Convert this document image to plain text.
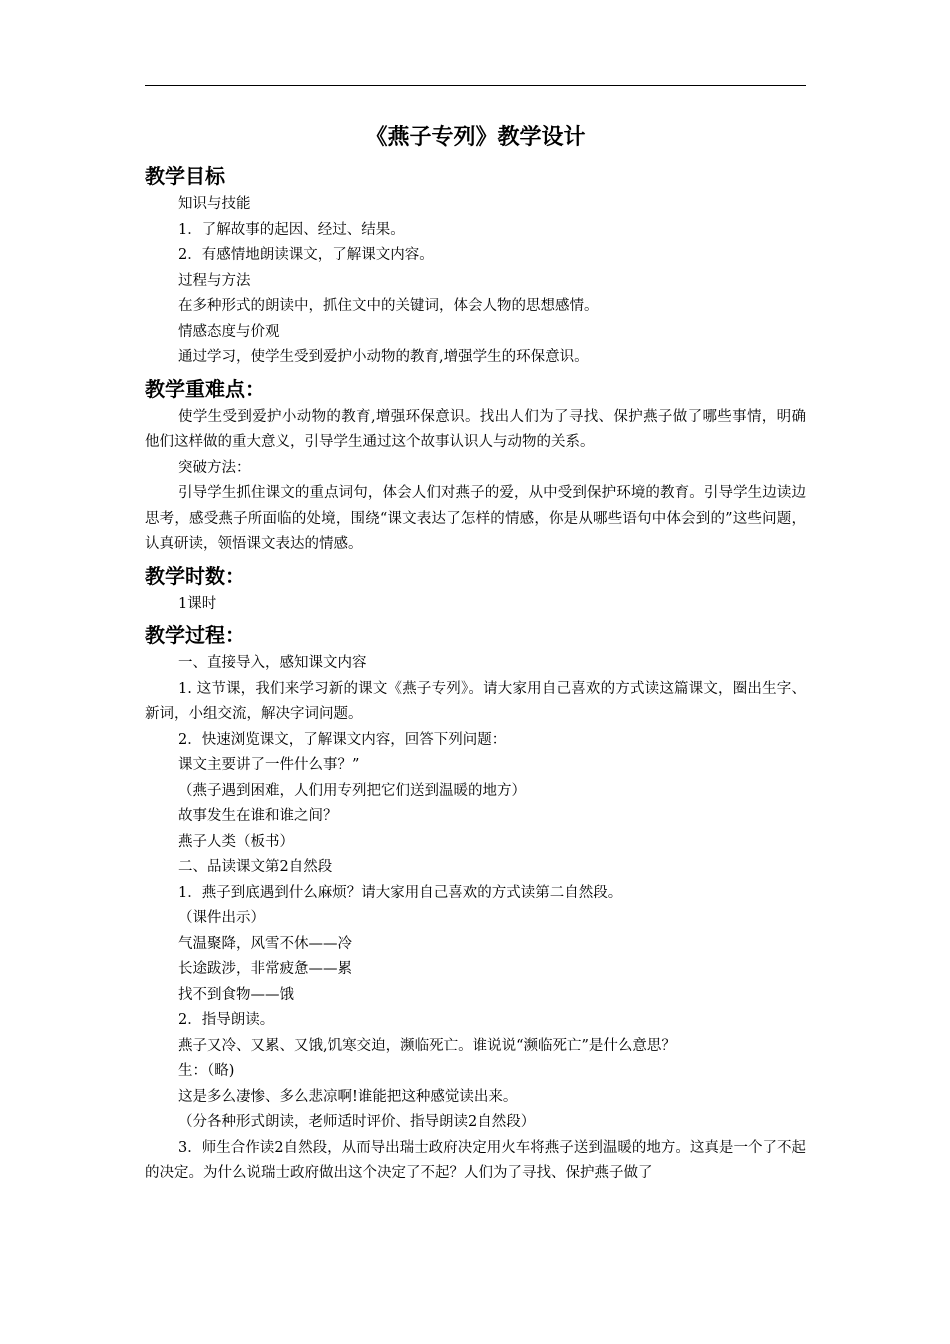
《燕子专列》教学设计
教学目标
知识与技能
1．了解故事的起因、经过、结果。
2．有感情地朗读课文，了解课文内容。
过程与方法
在多种形式的朗读中，抓住文中的关键词，体会人物的思想感情。
情感态度与价观
通过学习，使学生受到爱护小动物的教育,增强学生的环保意识。
教学重难点：
使学生受到爱护小动物的教育,增强环保意识。找出人们为了寻找、保护燕子做了哪些事情，明确他们这样做的重大意义，引导学生通过这个故事认识人与动物的关系。
突破方法：
引导学生抓住课文的重点词句，体会人们对燕子的爱，从中受到保护环境的教育。引导学生边读边思考，感受燕子所面临的处境，围绕“课文表达了怎样的情感，你是从哪些语句中体会到的”这些问题，认真研读，领悟课文表达的情感。
教学时数：
1课时
教学过程：
一、直接导入，感知课文内容
1. 这节课，我们来学习新的课文《燕子专列》。请大家用自己喜欢的方式读这篇课文，圈出生字、新词，小组交流，解决字词问题。
2．快速浏览课文，了解课文内容，回答下列问题：
课文主要讲了一件什么事？”
（燕子遇到困难，人们用专列把它们送到温暖的地方）
故事发生在谁和谁之间？
燕子人类（板书）
二、品读课文第2自然段
1．燕子到底遇到什么麻烦？请大家用自己喜欢的方式读第二自然段。
（课件出示）
气温聚降，风雪不休——冷
长途跋涉，非常疲惫——累
找不到食物——饿
2．指导朗读。
燕子又冷、又累、又饿,饥寒交迫，濒临死亡。谁说说“濒临死亡”是什么意思？
生：（略)
这是多么凄惨、多么悲凉啊!谁能把这种感觉读出来。
（分各种形式朗读，老师适时评价、指导朗读2自然段）
3．师生合作读2自然段，从而导出瑞士政府决定用火车将燕子送到温暖的地方。这真是一个了不起的决定。为什么说瑞士政府做出这个决定了不起？人们为了寻找、保护燕子做了
